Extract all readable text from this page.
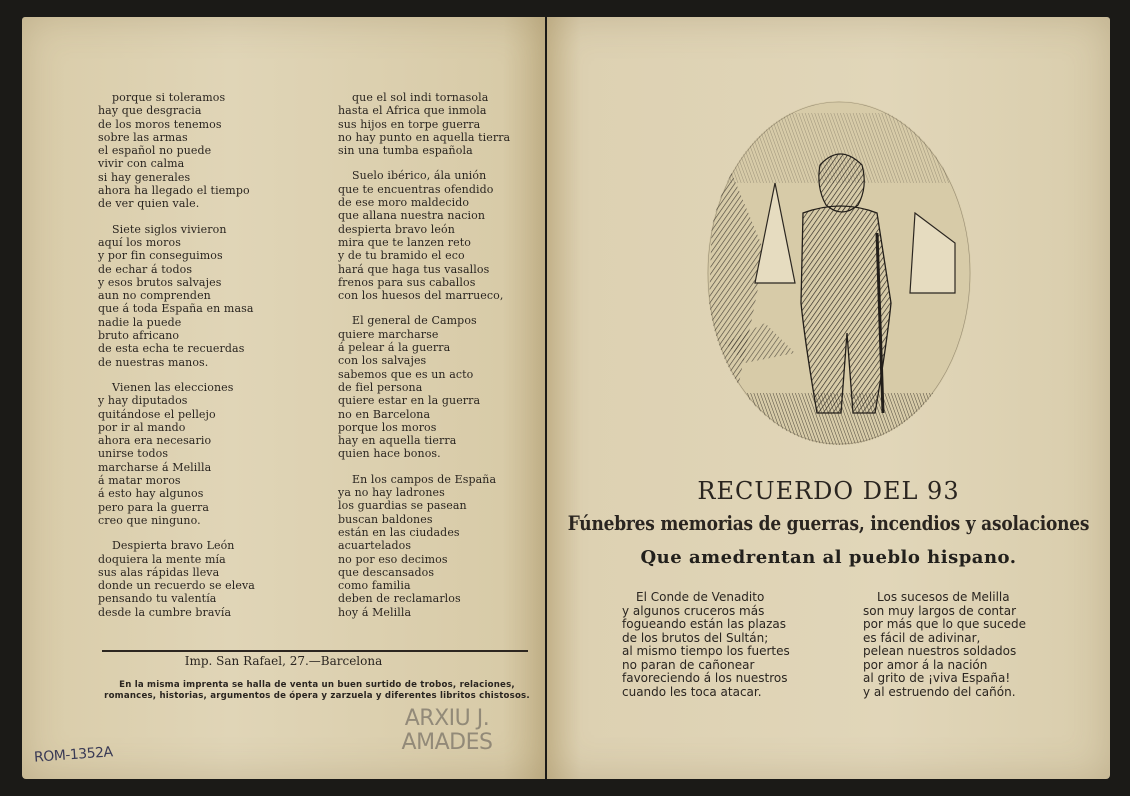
porque si toleramos
hay que desgracia
de los moros tenemos
sobre las armas
el español no puede
vivir con calma
si hay generales
ahora ha llegado el tiempo
de ver quien vale.
Siete siglos vivieron
aquí los moros
y por fin conseguimos
de echar á todos
y esos brutos salvajes
aun no comprenden
que á toda España en masa
nadie la puede
bruto africano
de esta echa te recuerdas
de nuestras manos.
Vienen las elecciones
y hay diputados
quitándose el pellejo
por ir al mando
ahora era necesario
unirse todos
marcharse á Melilla
á matar moros
á esto hay algunos
pero para la guerra
creo que ninguno.
Despierta bravo León
doquiera la mente mía
sus alas rápidas lleva
donde un recuerdo se eleva
pensando tu valentía
desde la cumbre bravía
que el sol indi tornasola
hasta el Africa que inmola
sus hijos en torpe guerra
no hay punto en aquella tierra
sin una tumba española
Suelo ibérico, ála unión
que te encuentras ofendido
de ese moro maldecido
que allana nuestra nacion
despierta bravo león
mira que te lanzen reto
y de tu bramido el eco
hará que haga tus vasallos
frenos para sus caballos
con los huesos del marrueco,
El general de Campos
quiere marcharse
á pelear á la guerra
con los salvajes
sabemos que es un acto
de fiel persona
quiere estar en la guerra
no en Barcelona
porque los moros
hay en aquella tierra
quien hace bonos.
En los campos de España
ya no hay ladrones
los guardias se pasean
buscan baldones
están en las ciudades
acuartelados
no por eso decimos
que descansados
como familia
deben de reclamarlos
hoy á Melilla
Imp. San Rafael, 27.—Barcelona
En la misma imprenta se halla de venta un buen surtido de trobos, relaciones, romances, historias, argumentos de ópera y zarzuela y diferentes libritos chistosos.
ARXIU J.
AMADES
ROM-1352A
RECUERDO DEL 93
Fúnebres memorias de guerras, incendios y asolaciones
Que amedrentan al pueblo hispano.
El Conde de Venadito
y algunos cruceros más
fogueando están las plazas
de los brutos del Sultán;
al mismo tiempo los fuertes
no paran de cañonear
favoreciendo á los nuestros
cuando les toca atacar.
Los sucesos de Melilla
son muy largos de contar
por más que lo que sucede
es fácil de adivinar,
pelean nuestros soldados
por amor á la nación
al grito de ¡viva España!
y al estruendo del cañón.
